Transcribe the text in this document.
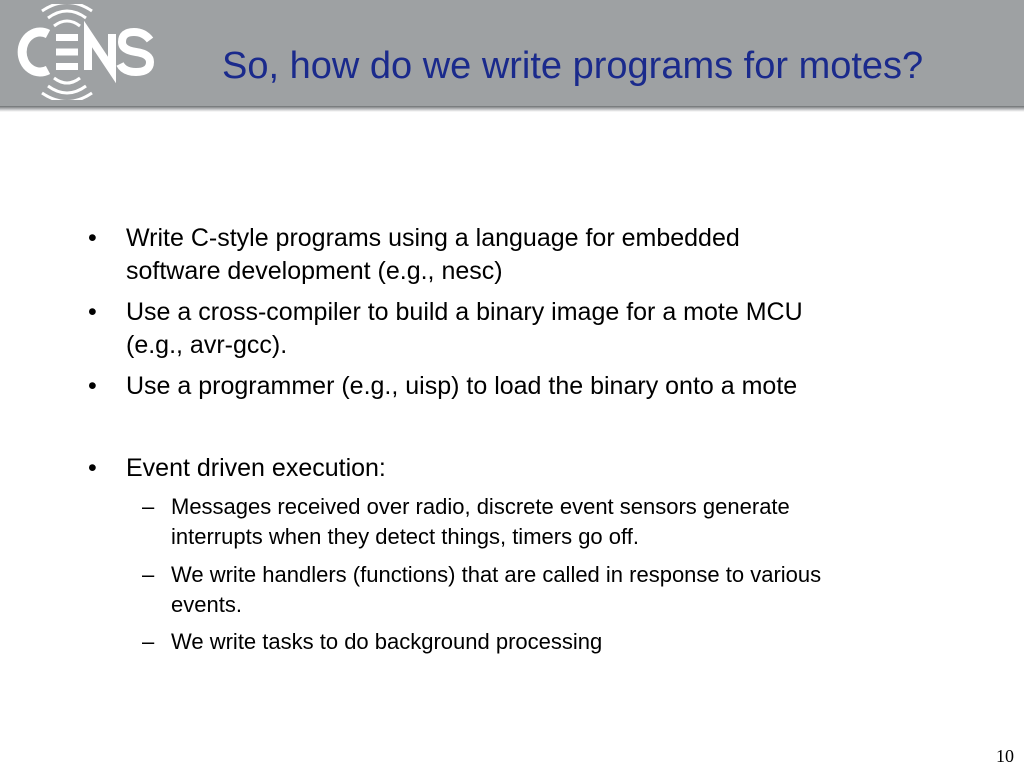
So, how do we write programs for motes?
• Write C-style programs using a language for embedded
software development (e.g., nesc)
• Use a cross-compiler to build a binary image for a mote MCU
(e.g., avr-gcc).
• Use a programmer (e.g., uisp) to load the binary onto a mote
• Event driven execution:
– Messages received over radio, discrete event sensors generate
interrupts when they detect things, timers go off.
– We write handlers (functions) that are called in response to various
events.
– We write tasks to do background processing
10
